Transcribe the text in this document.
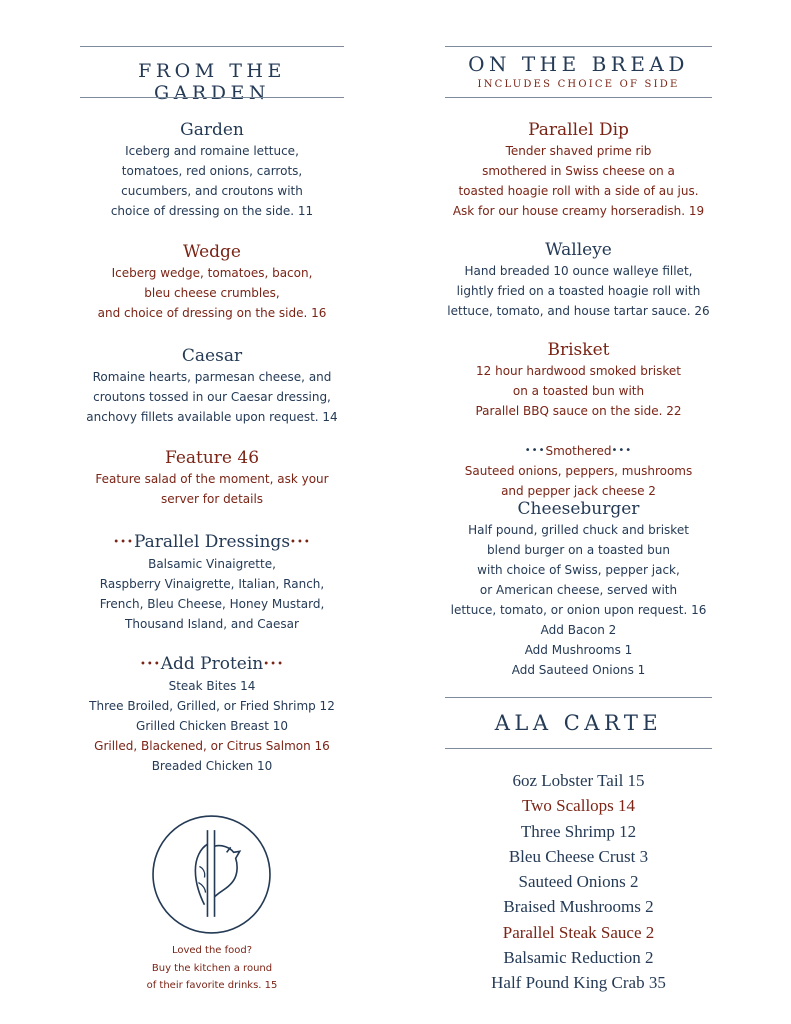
FROM THE GARDEN
Garden
Iceberg and romaine lettuce,
tomatoes, red onions, carrots,
cucumbers, and croutons with
choice of dressing on the side. 11
Wedge
Iceberg wedge, tomatoes, bacon,
bleu cheese crumbles,
and choice of dressing on the side. 16
Caesar
Romaine hearts, parmesan cheese, and
croutons tossed in our Caesar dressing,
anchovy fillets available upon request. 14
Feature 46
Feature salad of the moment, ask your
server for details
•••Parallel Dressings•••
Balsamic Vinaigrette,
Raspberry Vinaigrette, Italian, Ranch,
French, Bleu Cheese, Honey Mustard,
Thousand Island, and Caesar
•••Add Protein•••
Steak Bites 14
Three Broiled, Grilled, or Fried Shrimp 12
Grilled Chicken Breast 10
Grilled, Blackened, or Citrus Salmon 16
Breaded Chicken 10
Loved the food?
Buy the kitchen a round
of their favorite drinks. 15
ON THE BREAD
INCLUDES CHOICE OF SIDE
Parallel Dip
Tender shaved prime rib
smothered in Swiss cheese on a
toasted hoagie roll with a side of au jus.
Ask for our house creamy horseradish. 19
Walleye
Hand breaded 10 ounce walleye fillet,
lightly fried on a toasted hoagie roll with
lettuce, tomato, and house tartar sauce. 26
Brisket
12 hour hardwood smoked brisket
on a toasted bun with
Parallel BBQ sauce on the side. 22

•••Smothered•••

Sauteed onions, peppers, mushrooms
and pepper jack cheese 2
Cheeseburger
Half pound, grilled chuck and brisket
blend burger on a toasted bun
with choice of Swiss, pepper jack,
or American cheese, served with
lettuce, tomato, or onion upon request. 16
Add Bacon 2
Add Mushrooms 1
Add Sauteed Onions 1
ALA CARTE
6oz Lobster Tail 15
Two Scallops 14
Three Shrimp 12
Bleu Cheese Crust 3
Sauteed Onions 2
Braised Mushrooms 2
Parallel Steak Sauce 2
Balsamic Reduction 2
Half Pound King Crab 35
